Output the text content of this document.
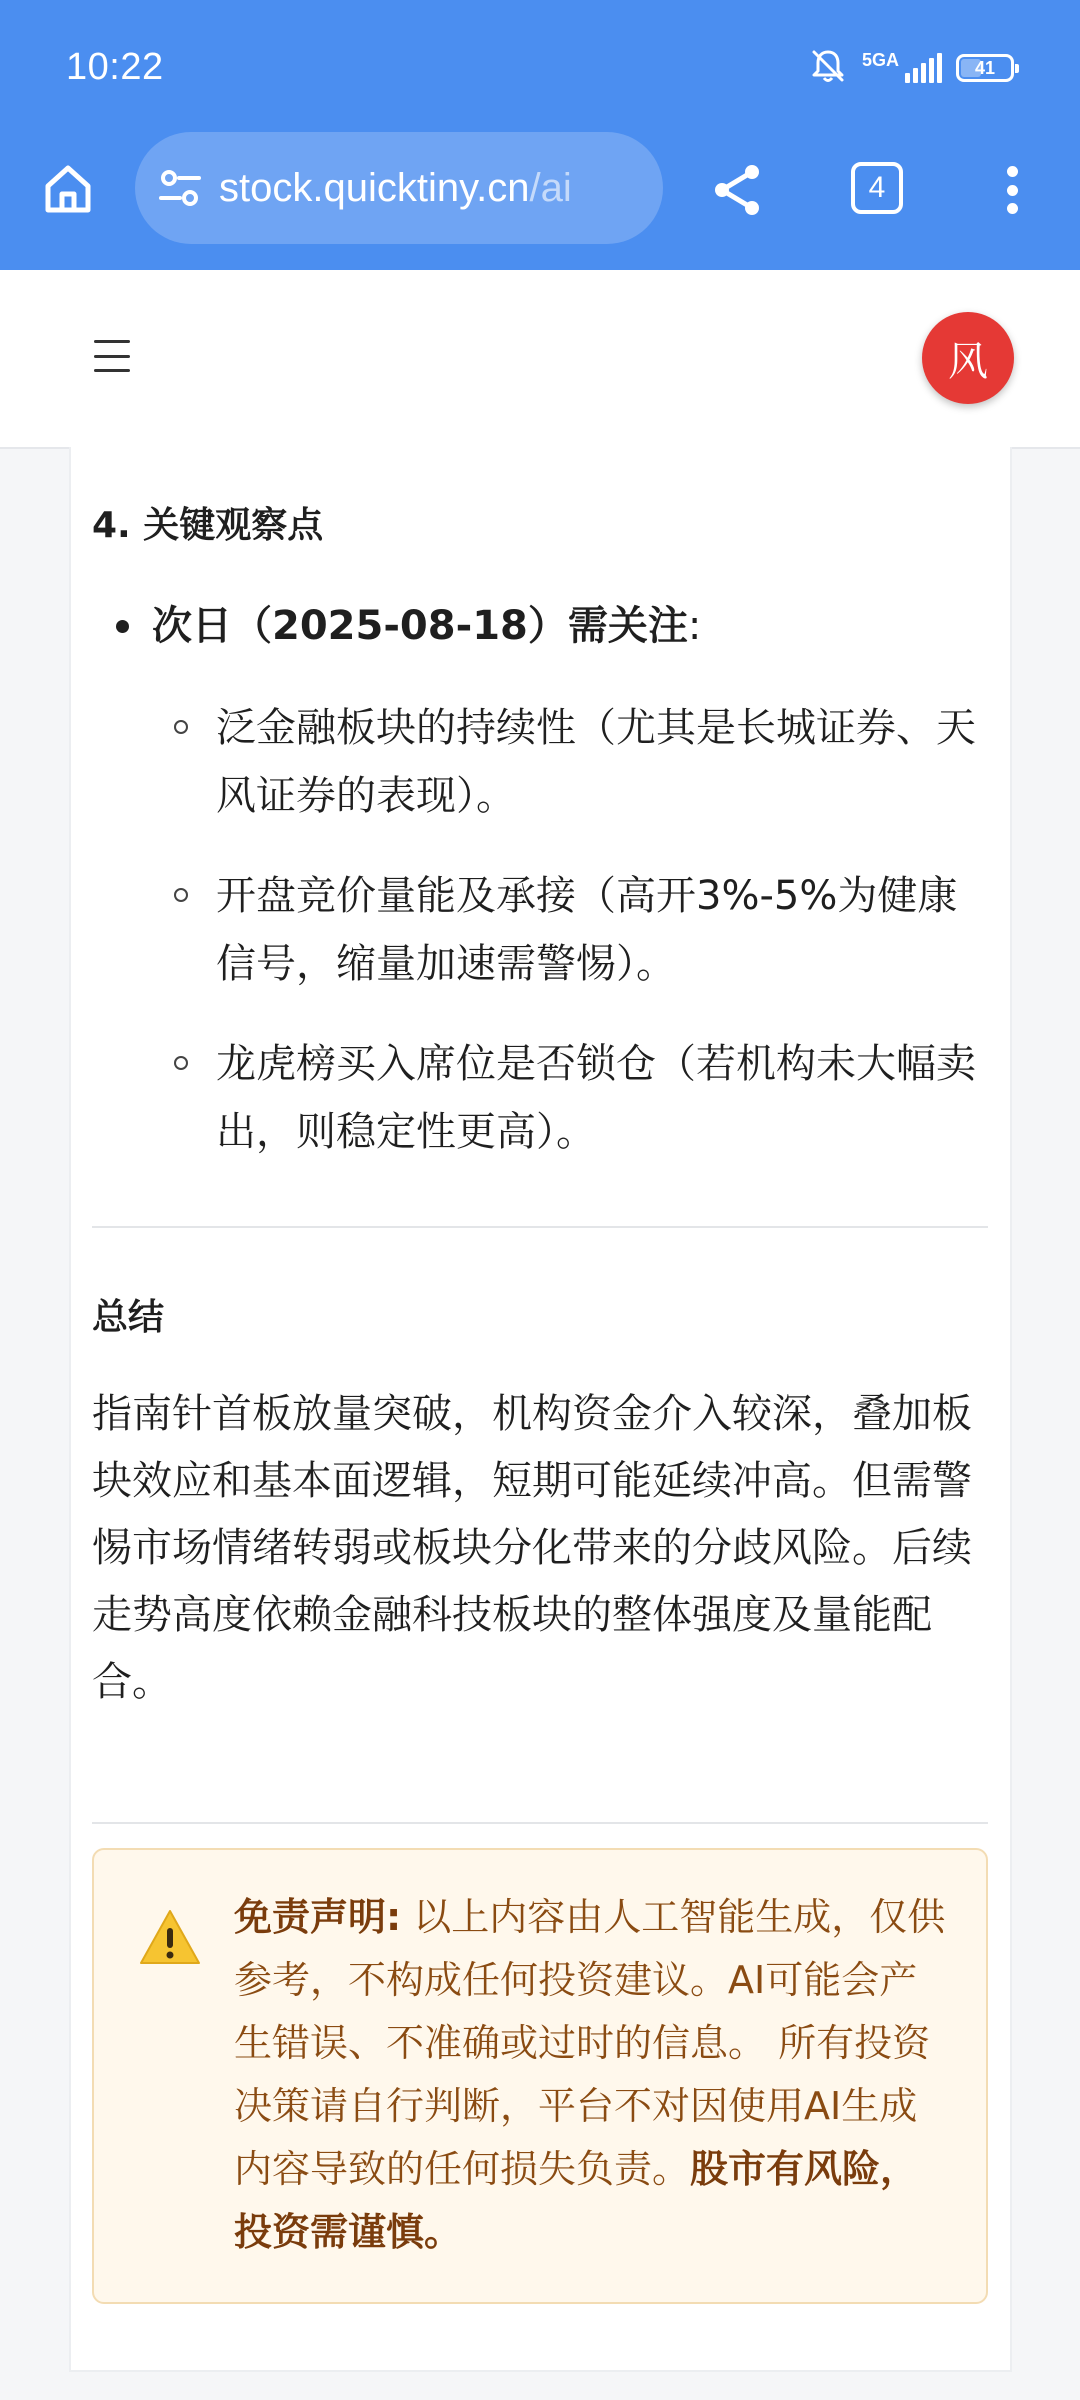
10:22	5GA	41
stock.quicktiny.cn/ai	4
风
4. 关键观察点
次日（2025-08-18）需关注:
泛金融板块的持续性（尤其是长城证券、天风证券的表现）。
开盘竞价量能及承接（高开3%-5%为健康信号，缩量加速需警惕）。
龙虎榜买入席位是否锁仓（若机构未大幅卖出，则稳定性更高）。
总结
指南针首板放量突破，机构资金介入较深，叠加板块效应和基本面逻辑，短期可能延续冲高。但需警惕市场情绪转弱或板块分化带来的分歧风险。后续走势高度依赖金融科技板块的整体强度及量能配合。
免责声明: 以上内容由人工智能生成，仅供参考，不构成任何投资建议。AI可能会产生错误、不准确或过时的信息。 所有投资决策请自行判断，平台不对因使用AI生成内容导致的任何损失负责。股市有风险，投资需谨慎。
